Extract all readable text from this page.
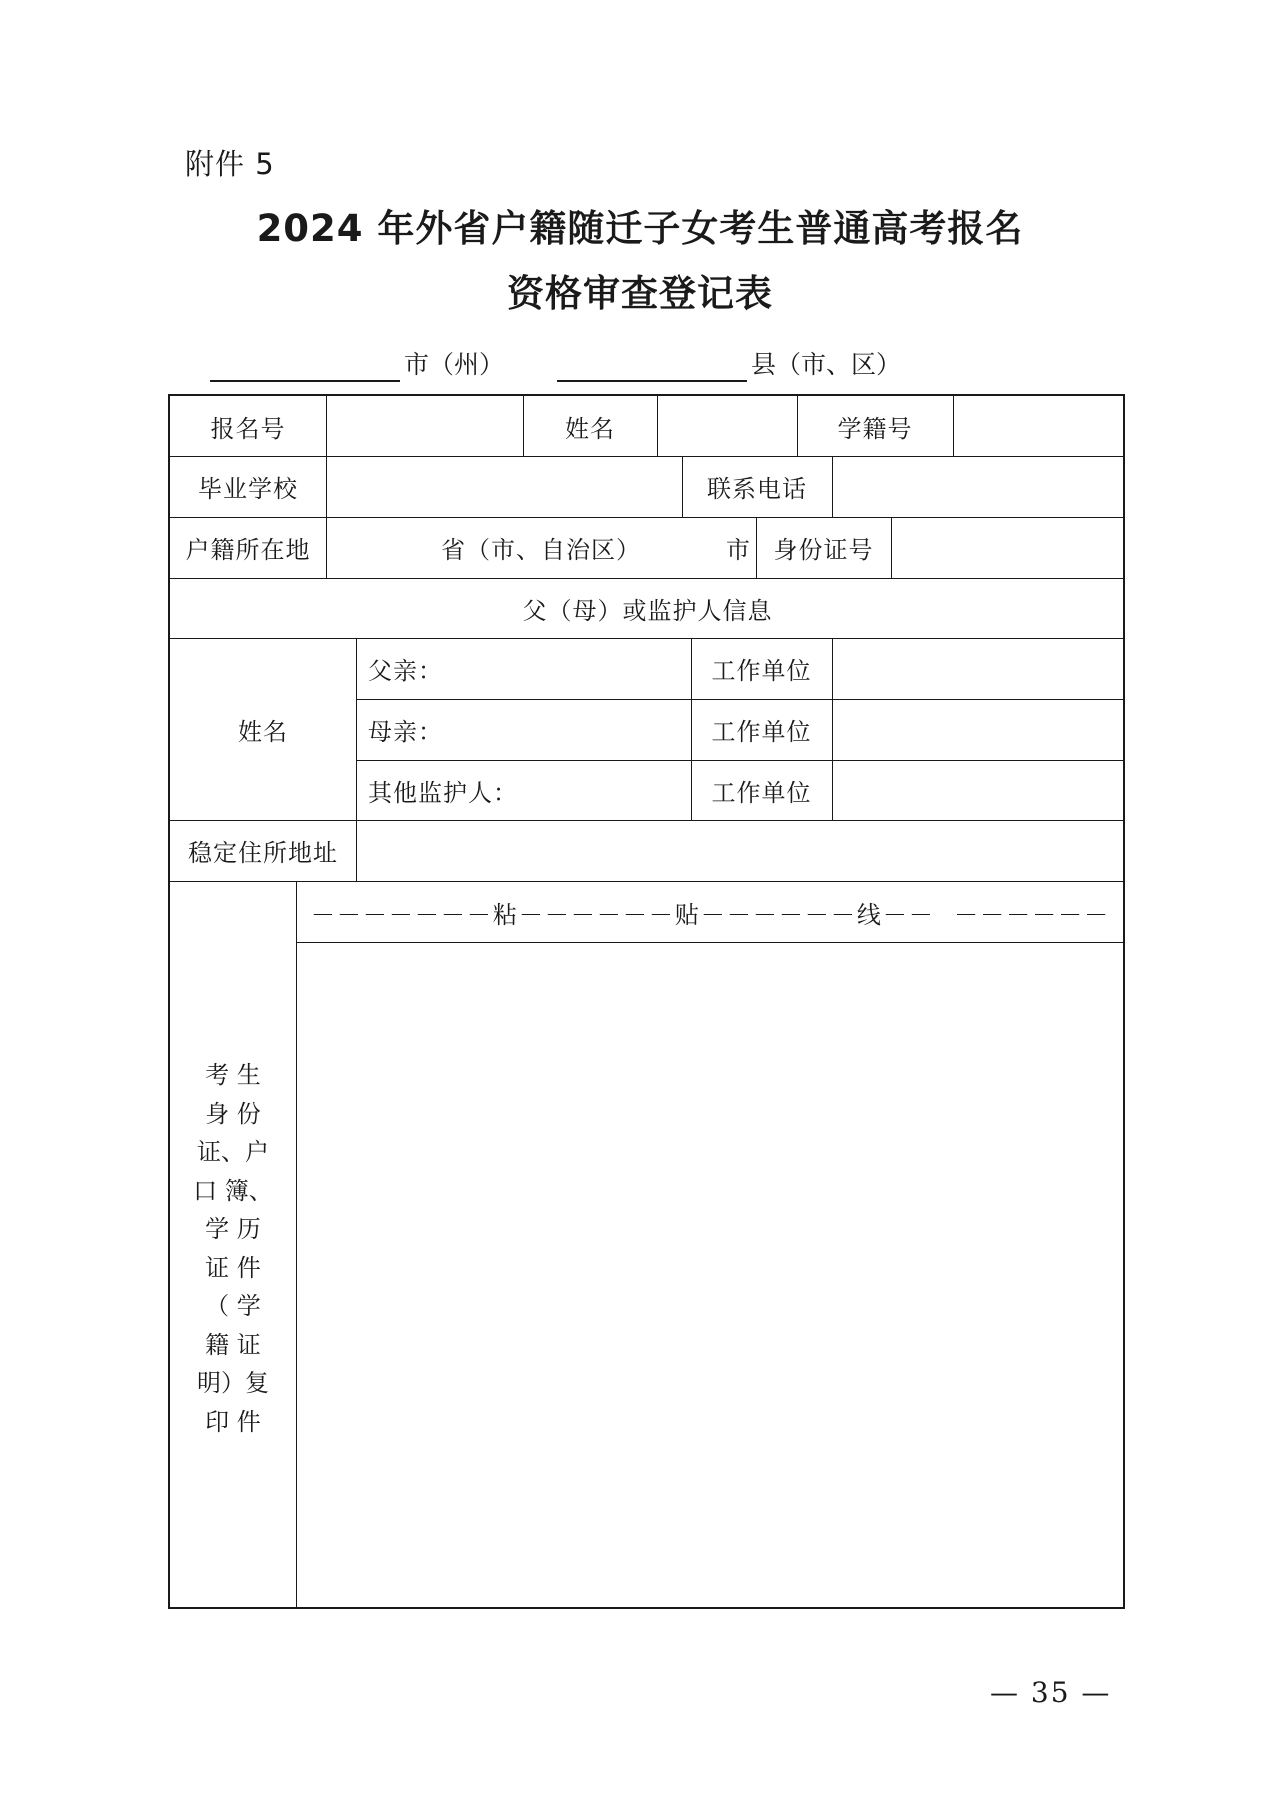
附件 5
2024 年外省户籍随迁子女考生普通高考报名
资格审查登记表
市（州）	县（市、区）
报名号	姓名	学籍号
毕业学校	联系电话
户籍所在地	省（市、自治区）	市 身份证号
父（母）或监护人信息
姓名
父亲：	工作单位
母亲：	工作单位
其他监护人：	工作单位
稳定住所地址
－－－－－－－粘－－－－－－贴－－－－－－线－－  －－－－－－
考 生
身 份
证、户
口 簿、
学 历
证 件
（ 学
籍 证
明）复
印 件
— 35 —
